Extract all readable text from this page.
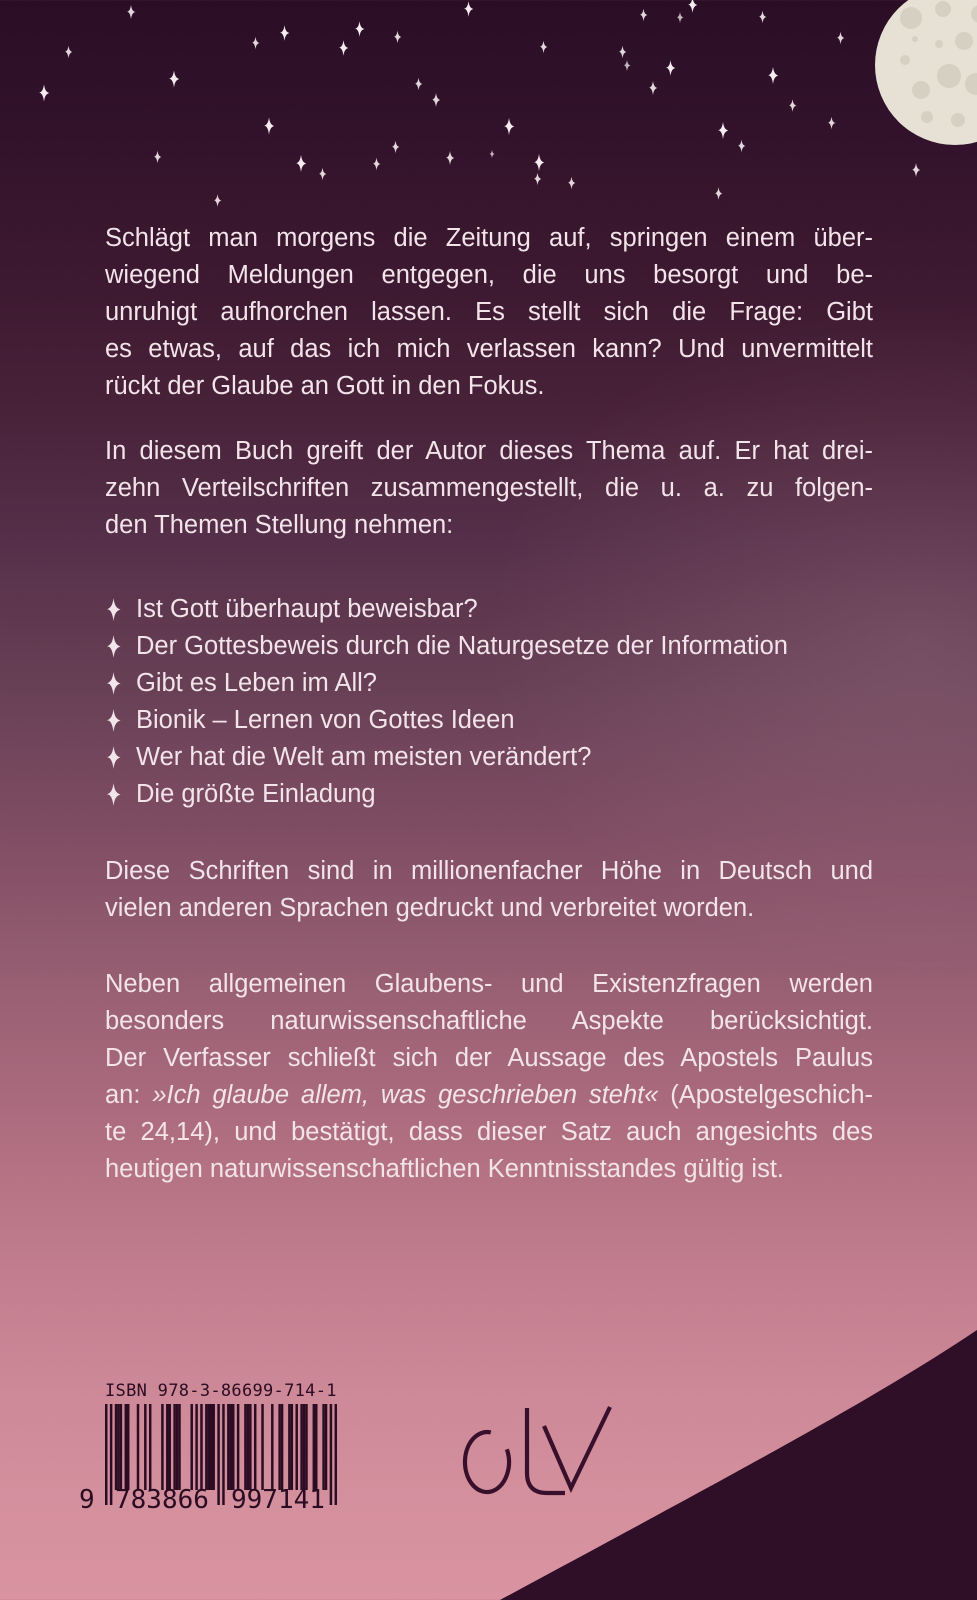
Schlägt man morgens die Zeitung auf, springen einem über-
wiegend Meldungen entgegen, die uns besorgt und be-
unruhigt aufhorchen lassen. Es stellt sich die Frage: Gibt
es etwas, auf das ich mich verlassen kann? Und unvermittelt
rückt der Glaube an Gott in den Fokus.
In diesem Buch greift der Autor dieses Thema auf. Er hat drei-
zehn Verteilschriften zusammengestellt, die u. a. zu folgen-
den Themen Stellung nehmen:
Diese Schriften sind in millionenfacher Höhe in Deutsch und
vielen anderen Sprachen gedruckt und verbreitet worden.
Neben allgemeinen Glaubens- und Existenzfragen werden
besonders naturwissenschaftliche Aspekte berücksichtigt.
Der Verfasser schließt sich der Aussage des Apostels Paulus
an: »Ich glaube allem, was geschrieben steht« (Apostelgeschich-
te 24,14), und bestätigt, dass dieser Satz auch angesichts des
heutigen naturwissenschaftlichen Kenntnisstandes gültig ist.
Ist Gott überhaupt beweisbar?
Der Gottesbeweis durch die Naturgesetze der Information
Gibt es Leben im All?
Bionik – Lernen von Gottes Ideen
Wer hat die Welt am meisten verändert?
Die größte Einladung
ISBN 978-3-86699-714-1
9 783866 997141
